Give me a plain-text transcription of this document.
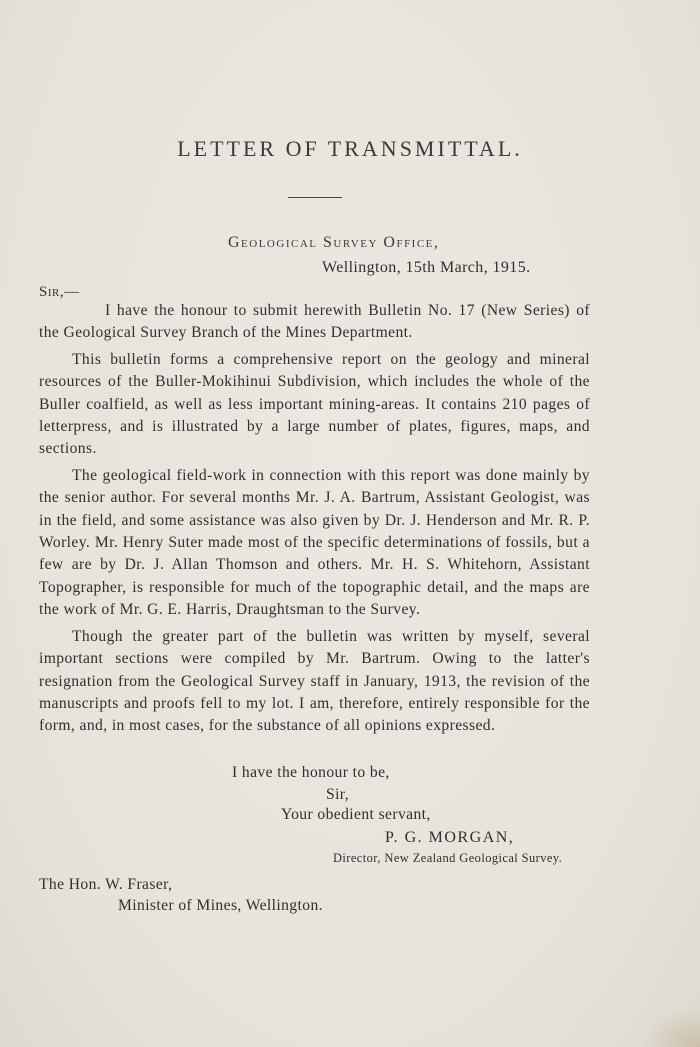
LETTER OF TRANSMITTAL.
Geological Survey Office,
Wellington, 15th March, 1915.
Sir,—

I have the honour to submit herewith Bulletin No. 17 (New Series) of the Geological Survey Branch of the Mines Department.

This bulletin forms a comprehensive report on the geology and mineral resources of the Buller-Mokihinui Subdivision, which includes the whole of the Buller coalfield, as well as less important mining-areas. It contains 210 pages of letterpress, and is illustrated by a large number of plates, figures, maps, and sections.

The geological field-work in connection with this report was done mainly by the senior author. For several months Mr. J. A. Bartrum, Assistant Geologist, was in the field, and some assistance was also given by Dr. J. Henderson and Mr. R. P. Worley. Mr. Henry Suter made most of the specific determinations of fossils, but a few are by Dr. J. Allan Thomson and others. Mr. H. S. Whitehorn, Assistant Topographer, is responsible for much of the topographic detail, and the maps are the work of Mr. G. E. Harris, Draughtsman to the Survey.

Though the greater part of the bulletin was written by myself, several important sections were compiled by Mr. Bartrum. Owing to the latter's resignation from the Geological Survey staff in January, 1913, the revision of the manuscripts and proofs fell to my lot. I am, therefore, entirely responsible for the form, and, in most cases, for the substance of all opinions expressed.

I have the honour to be,
Sir,
Your obedient servant,
P. G. MORGAN,
Director, New Zealand Geological Survey.
The Hon. W. Fraser,
Minister of Mines, Wellington.
